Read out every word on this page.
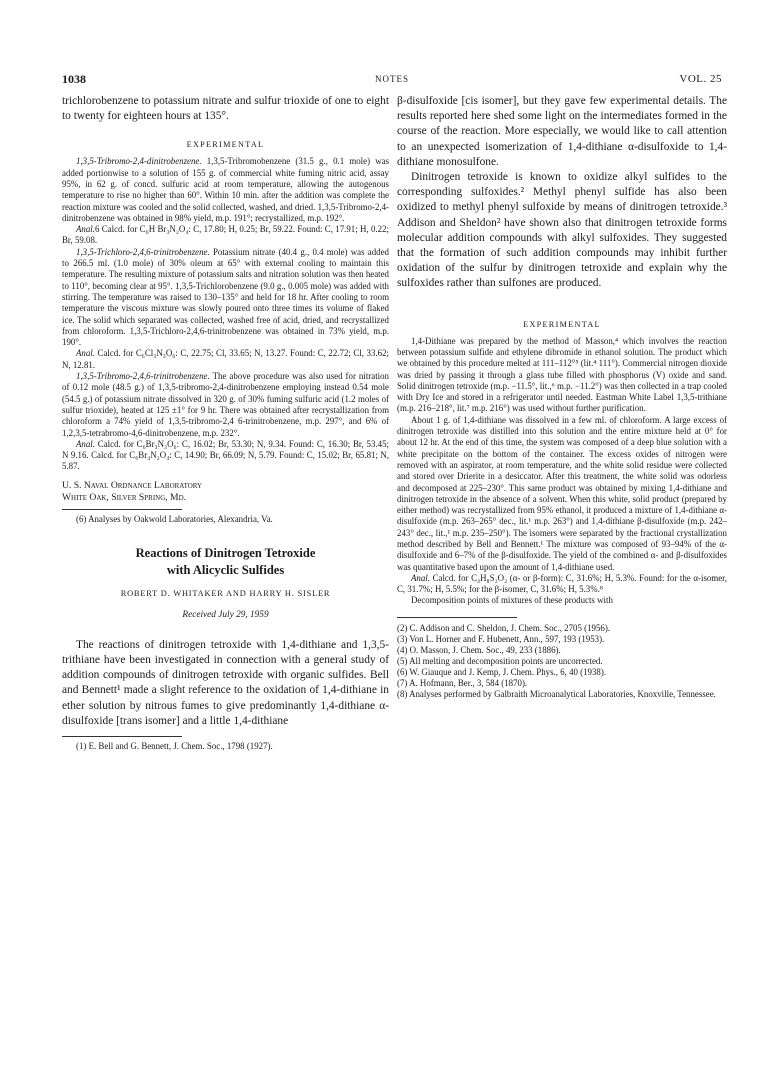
1038	NOTES	VOL. 25

trichlorobenzene to potassium nitrate and sulfur trioxide of one to eight to twenty for eighteen hours at 135°.

EXPERIMENTAL

1,3,5-Tribromo-2,4-dinitrobenzene. 1,3,5-Tribromobenzene (31.5 g., 0.1 mole) was added portionwise to a solution of 155 g. of commercial white fuming nitric acid, assay 95%, in 62 g. of concd. sulfuric acid at room temperature, allowing the autogenous temperature to rise no higher than 60°. Within 10 min. after the addition was complete the reaction mixture was cooled and the solid collected, washed, and dried. 1,3,5-Tribromo-2,4-dinitrobenzene was obtained in 98% yield, m.p. 191°; recrystallized, m.p. 192°.

Anal.6 Calcd. for C₆H Br₃N₂O₄: C, 17.80; H, 0.25; Br, 59.22. Found: C, 17.91; H, 0.22; Br, 59.08.

1,3,5-Trichloro-2,4,6-trinitrobenzene. Potassium nitrate (40.4 g., 0.4 mole) was added to 266.5 ml. (1.0 mole) of 30% oleum at 65° with external cooling to maintain this temperature. The resulting mixture of potassium salts and nitration solution was then heated to 110°, becoming clear at 95°. 1,3,5-Trichlorobenzene (9.0 g., 0.005 mole) was added with stirring. The temperature was raised to 130–135° and held for 18 hr. After cooling to room temperature the viscous mixture was slowly poured onto three times its volume of flaked ice. The solid which separated was collected, washed free of acid, dried, and recrystallized from chloroform. 1,3,5-Trichloro-2,4,6-trinitrobenzene was obtained in 73% yield, m.p. 190°.

Anal. Calcd. for C₆Cl₃N₃O₆: C, 22.75; Cl, 33.65; N, 13.27. Found: C, 22.72; Cl, 33.62; N, 12.81.

1,3,5-Tribromo-2,4,6-trinitrobenzene. The above procedure was also used for nitration of 0.12 mole (48.5 g.) of 1,3,5-tribromo-2,4-dinitrobenzene employing instead 0.54 mole (54.5 g.) of potassium nitrate dissolved in 320 g. of 30% fuming sulfuric acid (1.2 moles of sulfur trioxide), heated at 125 ±1° for 9 hr. There was obtained after recrystallization from chloroform a 74% yield of 1,3,5-tribromo-2,4 6-trinitrobenzene, m.p. 297°, and 6% of 1,2,3,5-tetrabromo-4,6-dinitrobenzene, m.p. 232°.

Anal. Calcd. for C₆Br₃N₃O₆: C, 16.02; Br, 53.30; N, 9.34. Found: C, 16.30; Br, 53.45; N 9.16. Calcd. for C₆Br₄N₂O₄: C, 14.90; Br, 66.09; N, 5.79. Found: C, 15.02; Br, 65.81; N, 5.87.

U. S. Naval Ordnance Laboratory

White Oak, Silver Spring, Md.

(6) Analyses by Oakwold Laboratories, Alexandria, Va.

Reactions of Dinitrogen Tetroxide

with Alicyclic Sulfides

ROBERT D. WHITAKER AND HARRY H. SISLER

Received July 29, 1959

The reactions of dinitrogen tetroxide with 1,4-dithiane and 1,3,5-trithiane have been investigated in connection with a general study of addition compounds of dinitrogen tetroxide with organic sulfides. Bell and Bennett¹ made a slight reference to the oxidation of 1,4-dithiane in ether solution by nitrous fumes to give predominantly 1,4-dithiane α-disulfoxide [trans isomer] and a little 1,4-dithiane

(1) E. Bell and G. Bennett, J. Chem. Soc., 1798 (1927).

β-disulfoxide [cis isomer], but they gave few experimental details. The results reported here shed some light on the intermediates formed in the course of the reaction. More especially, we would like to call attention to an unexpected isomerization of 1,4-dithiane α-disulfoxide to 1,4-dithiane monosulfone.

Dinitrogen tetroxide is known to oxidize alkyl sulfides to the corresponding sulfoxides.² Methyl phenyl sulfide has also been oxidized to methyl phenyl sulfoxide by means of dinitrogen tetroxide.³ Addison and Sheldon² have shown also that dinitrogen tetroxide forms molecular addition compounds with alkyl sulfoxides. They suggested that the formation of such addition compounds may inhibit further oxidation of the sulfur by dinitrogen tetroxide and explain why the sulfoxides rather than sulfones are produced.

EXPERIMENTAL

1,4-Dithiane was prepared by the method of Masson,⁴ which involves the reaction between potassium sulfide and ethylene dibromide in ethanol solution. The product which we obtained by this procedure melted at 111–112°⁵ (lit.⁴ 111°). Commercial nitrogen dioxide was dried by passing it through a glass tube filled with phosphorus (V) oxide and sand. Solid dinitrogen tetroxide (m.p. −11.5°, lit.,⁶ m.p. −11.2°) was then collected in a trap cooled with Dry Ice and stored in a refrigerator until needed. Eastman White Label 1,3,5-trithiane (m.p. 216–218°, lit.⁷ m.p. 216°) was used without further purification.

About 1 g. of 1,4-dithiane was dissolved in a few ml. of chloroform. A large excess of dinitrogen tetroxide was distilled into this solution and the entire mixture held at 0° for about 12 hr. At the end of this time, the system was composed of a deep blue solution with a white precipitate on the bottom of the container. The excess oxides of nitrogen were removed with an aspirator, at room temperature, and the white solid residue were collected and stored over Drierite in a desiccator. After this treatment, the white solid was odorless and decomposed at 225–230°. This same product was obtained by mixing 1,4-dithiane and dinitrogen tetroxide in the absence of a solvent. When this white, solid product (prepared by either method) was recrystallized from 95% ethanol, it produced a mixture of 1,4-dithiane α-disulfoxide (m.p. 263–265° dec., lit.¹ m.p. 263°) and 1,4-dithiane β-disulfoxide (m.p. 242–243° dec., lit.,¹ m.p. 235–250°). The isomers were separated by the fractional crystallization method described by Bell and Bennett.¹ The mixture was composed of 93–94% of the α-disulfoxide and 6–7% of the β-disulfoxide. The yield of the combined α- and β-disulfoxides was quantitative based upon the amount of 1,4-dithiane used.

Anal. Calcd. for C₄H₈S₂O₂ (α- or β-form): C, 31.6%; H, 5.3%. Found: for the α-isomer, C, 31.7%; H, 5.5%; for the β-isomer, C, 31.6%; H, 5.3%.⁸

Decomposition points of mixtures of these products with

(2) C. Addison and C. Sheldon, J. Chem. Soc., 2705 (1956).

(3) Von L. Horner and F. Hubenett, Ann., 597, 193 (1953).

(4) O. Masson, J. Chem. Soc., 49, 233 (1886).

(5) All melting and decomposition points are uncorrected.

(6) W. Giauque and J. Kemp, J. Chem. Phys., 6, 40 (1938).

(7) A. Hofmann, Ber., 3, 584 (1870).

(8) Analyses performed by Galbraith Microanalytical Laboratories, Knoxville, Tennessee.
